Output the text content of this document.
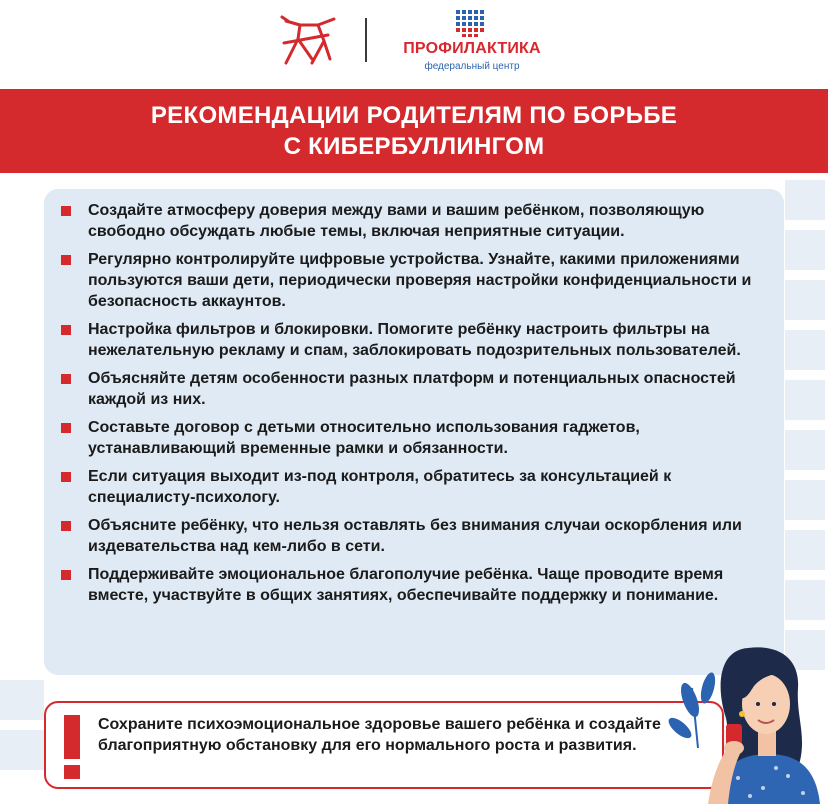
ПРОФИЛАКТИКА
федеральный центр
РЕКОМЕНДАЦИИ РОДИТЕЛЯМ ПО БОРЬБЕ
С КИБЕРБУЛЛИНГОМ
Создайте атмосферу доверия между вами и вашим ребёнком, позволяющую свободно обсуждать любые темы, включая неприятные ситуации.
Регулярно контролируйте цифровые устройства. Узнайте, какими приложениями пользуются ваши дети, периодически проверяя настройки конфиденциальности и безопасность аккаунтов.
Настройка фильтров и блокировки. Помогите ребёнку настроить фильтры на нежелательную рекламу и спам, заблокировать подозрительных пользователей.
Объясняйте детям особенности разных платформ и потенциальных опасностей каждой из них.
Составьте договор с детьми относительно использования гаджетов, устанавливающий временные рамки и обязанности.
Если ситуация выходит из-под контроля, обратитесь за консультацией к специалисту-психологу.
Объясните ребёнку, что нельзя оставлять без внимания случаи оскорбления или издевательства над кем-либо в сети.
Поддерживайте эмоциональное благополучие ребёнка. Чаще проводите время вместе, участвуйте в общих занятиях, обеспечивайте поддержку и понимание.
Сохраните психоэмоциональное здоровье вашего ребёнка и создайте благоприятную обстановку для его нормального роста и развития.
